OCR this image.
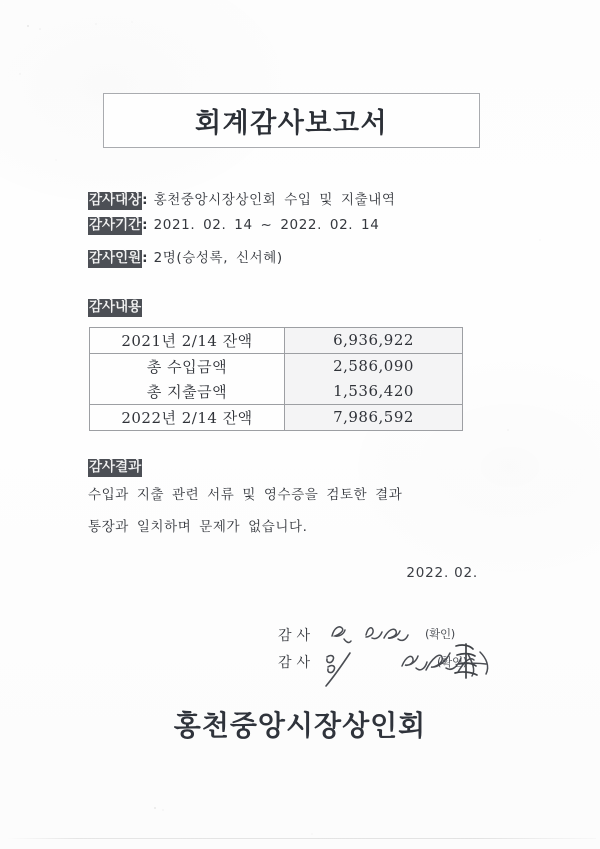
회계감사보고서
감사대상 : 홍천중앙시장상인회 수입 및 지출내역
감사기간 : 2021. 02. 14 ~ 2022. 02. 14
감사인원 : 2명(승성록, 신서혜)
감사내용
2021년 2/14 잔액	6,936,922
총 수입금액	2,586,090
총 지출금액	1,536,420
2022년 2/14 잔액	7,986,592
감사결과
수입과 지출 관련 서류 및 영수증을 검토한 결과
통장과 일치하며 문제가 없습니다.
2022. 02.
감사
감사
(확인)
(확인)
홍천중앙시장상인회
